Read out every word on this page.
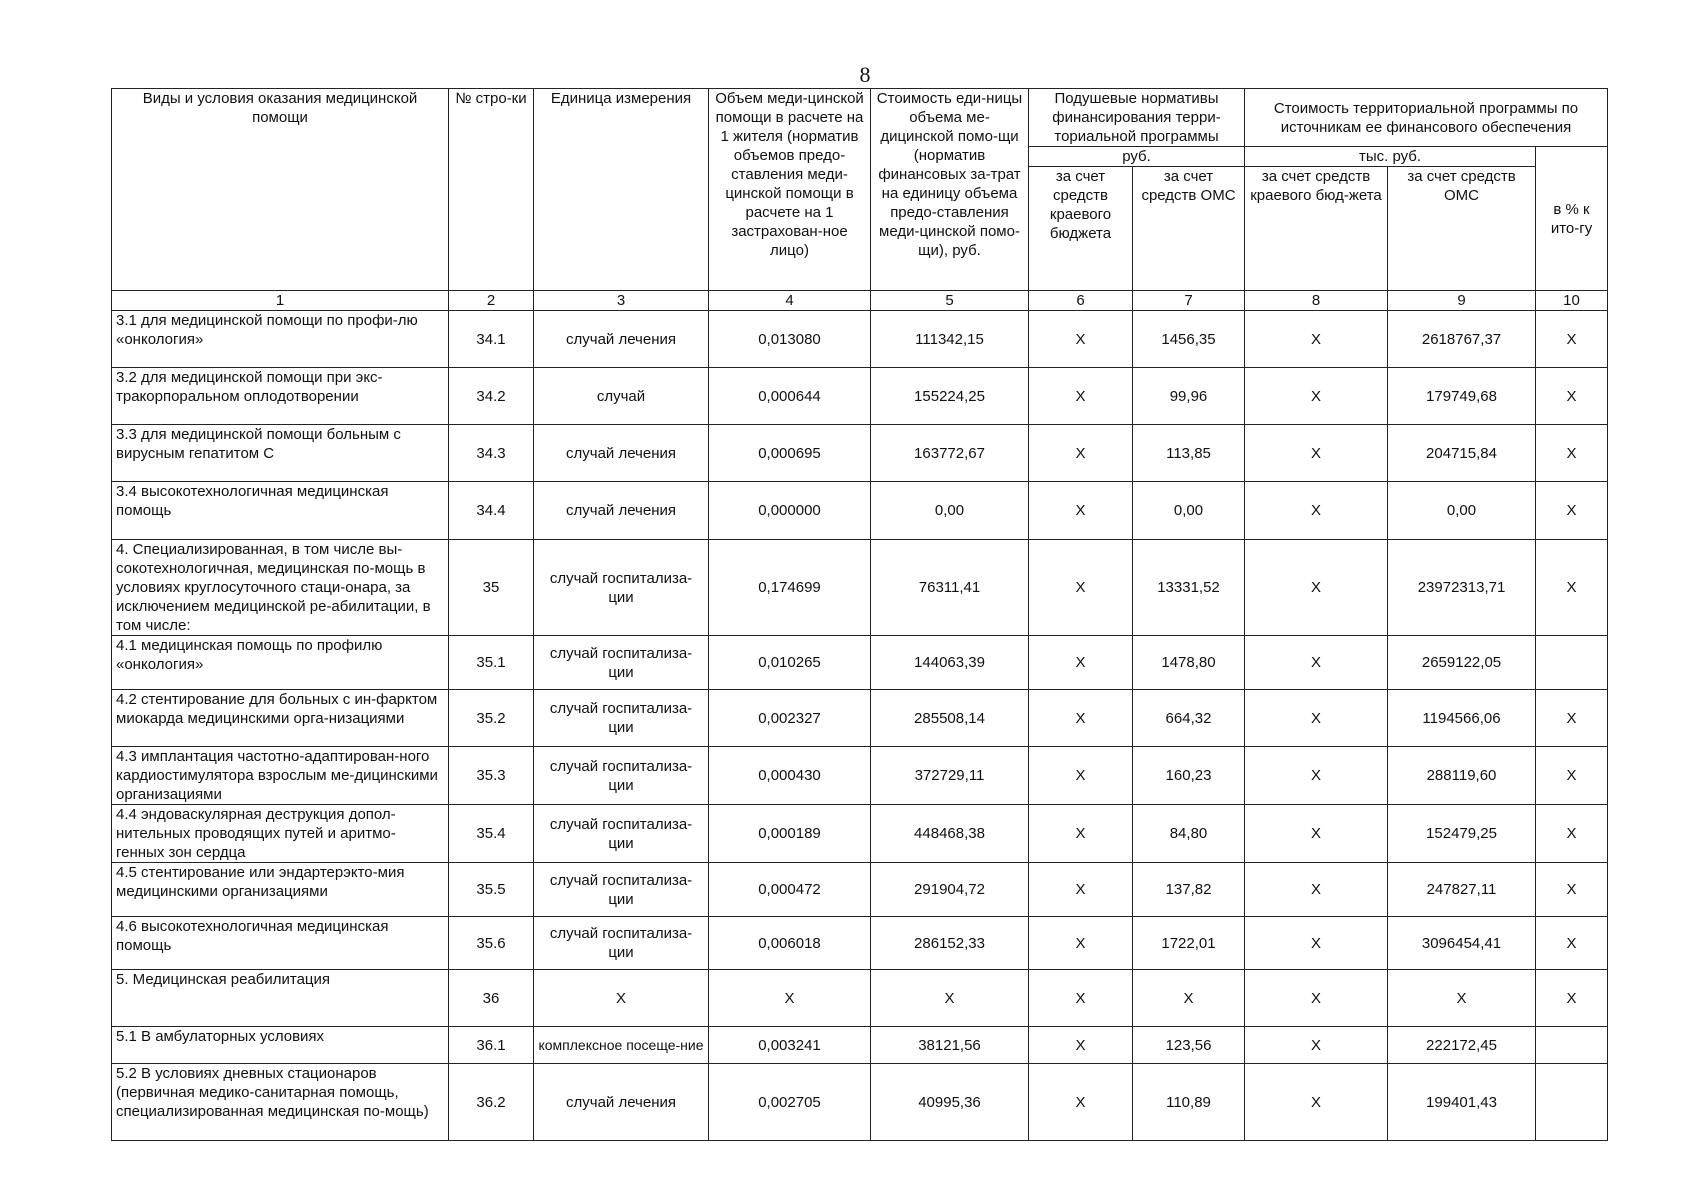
8
Виды и условия оказания медицинской помощи	№ стро-ки	Единица измерения	Объем меди-цинской помощи в расчете на 1 жителя (норматив объемов предо-ставления меди-цинской помощи в расчете на 1 застрахован-ное лицо)	Стоимость еди-ницы объема ме-дицинской помо-щи (норматив финансовых за-трат на единицу объема предо-ставления меди-цинской помо-щи), руб.	Подушевые нормативы финансирования терри-ториальной программы		Стоимость территориальной программы по источникам ее финансового обеспечения		
					руб.		тыс. руб.		в % к ито-гу
					за счет средств краевого бюджета	за счет средств ОМС	за счет средств краевого бюд-жета	за счет средств ОМС	
1	2	3	4	5	6	7	8	9	10
3.1 для медицинской помощи по профи-лю «онкология»	34.1	случай лечения	0,013080	111342,15	X	1456,35	X	2618767,37	X
3.2 для медицинской помощи при экс-тракорпоральном оплодотворении	34.2	случай	0,000644	155224,25	X	99,96	X	179749,68	X
3.3 для медицинской помощи больным с вирусным гепатитом С	34.3	случай лечения	0,000695	163772,67	X	113,85	X	204715,84	X
3.4 высокотехнологичная медицинская помощь	34.4	случай лечения	0,000000	0,00	X	0,00	X	0,00	X
4. Специализированная, в том числе вы-сокотехнологичная, медицинская по-мощь в условиях круглосуточного стаци-онара, за исключением медицинской ре-абилитации, в том числе:	35	случай госпитализа-ции	0,174699	76311,41	X	13331,52	X	23972313,71	X
4.1 медицинская помощь по профилю «онкология»	35.1	случай госпитализа-ции	0,010265	144063,39	X	1478,80	X	2659122,05	
4.2 стентирование для больных с ин-фарктом миокарда медицинскими орга-низациями	35.2	случай госпитализа-ции	0,002327	285508,14	X	664,32	X	1194566,06	X
4.3 имплантация частотно-адаптирован-ного кардиостимулятора взрослым ме-дицинскими организациями	35.3	случай госпитализа-ции	0,000430	372729,11	X	160,23	X	288119,60	X
4.4 эндоваскулярная деструкция допол-нительных проводящих путей и аритмо-генных зон сердца	35.4	случай госпитализа-ции	0,000189	448468,38	X	84,80	X	152479,25	X
4.5 стентирование или эндартерэкто-мия медицинскими организациями	35.5	случай госпитализа-ции	0,000472	291904,72	X	137,82	X	247827,11	X
4.6 высокотехнологичная медицинская помощь	35.6	случай госпитализа-ции	0,006018	286152,33	X	1722,01	X	3096454,41	X
5. Медицинская реабилитация	36	X	X	X	X	X	X	X	X
5.1 В амбулаторных условиях	36.1	комплексное посеще-ние	0,003241	38121,56	X	123,56	X	222172,45	
5.2 В условиях дневных стационаров (первичная медико-санитарная помощь, специализированная медицинская по-мощь)	36.2	случай лечения	0,002705	40995,36	X	110,89	X	199401,43	
